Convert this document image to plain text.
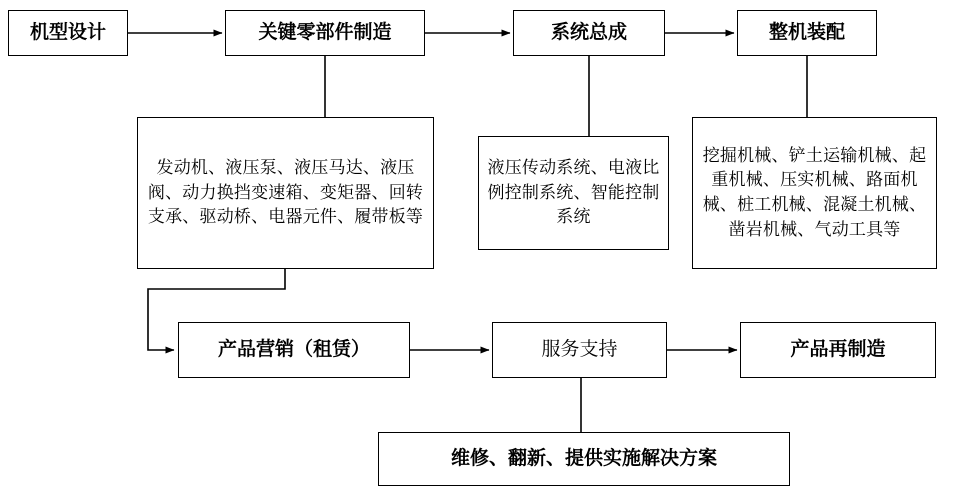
机型设计	关键零部件制造	系统总成	整机装配
发动机、液压泵、液压马达、液压阀、动力换挡变速箱、变矩器、回转支承、驱动桥、电器元件、履带板等
液压传动系统、电液比例控制系统、智能控制系统
挖掘机械、铲土运输机械、起重机械、压实机械、路面机械、桩工机械、混凝土机械、凿岩机械、气动工具等
产品营销（租赁）	服务支持	产品再制造
维修、翻新、提供实施解决方案
